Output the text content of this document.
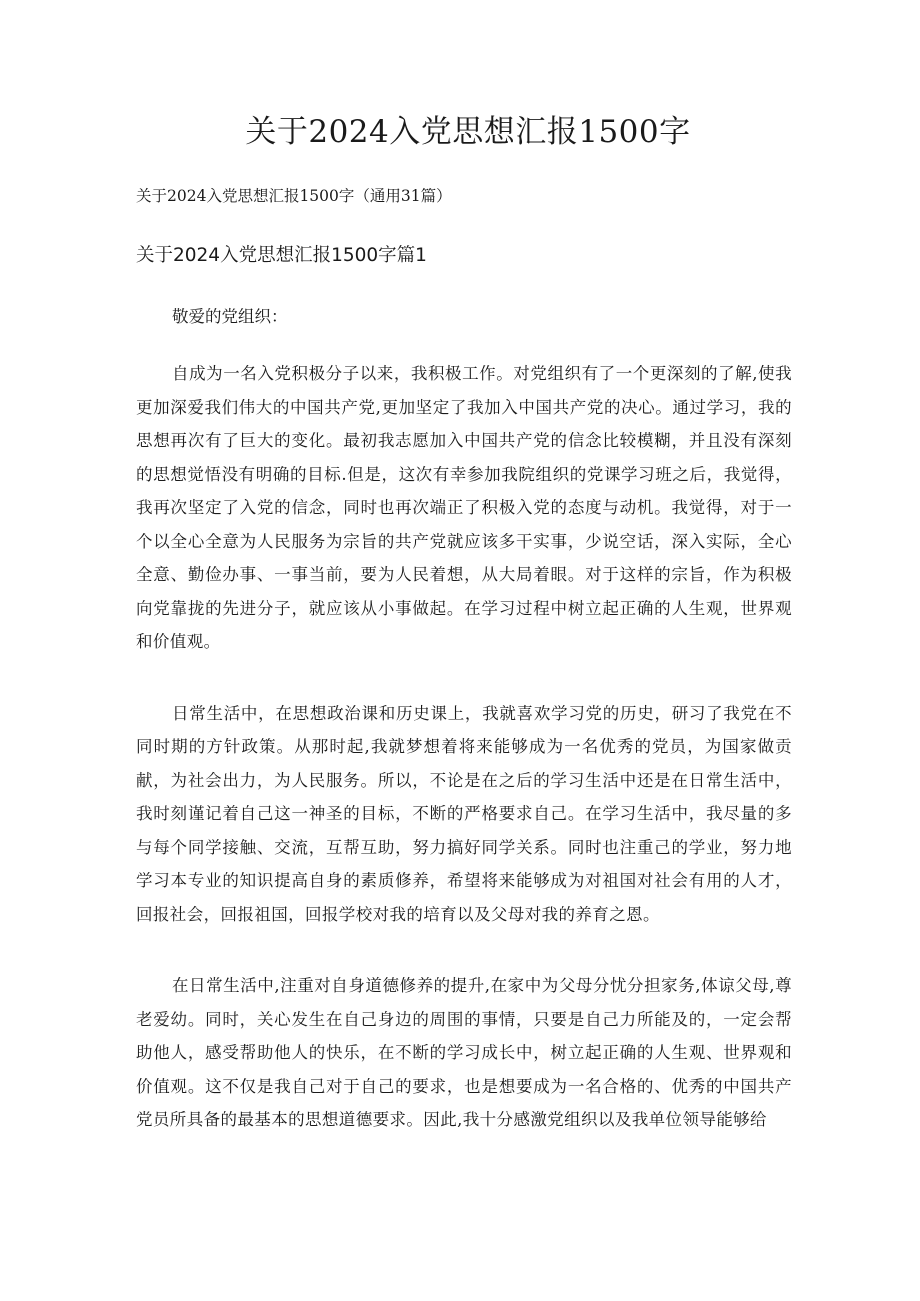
关于2024入党思想汇报1500字

关于2024入党思想汇报1500字（通用31篇）

关于2024入党思想汇报1500字篇1

敬爱的党组织：

自成为一名入党积极分子以来，我积极工作。对党组织有了一个更深刻的了解,使我更加深爱我们伟大的中国共产党,更加坚定了我加入中国共产党的决心。通过学习，我的思想再次有了巨大的变化。最初我志愿加入中国共产党的信念比较模糊，并且没有深刻的思想觉悟没有明确的目标.但是，这次有幸参加我院组织的党课学习班之后，我觉得，我再次坚定了入党的信念，同时也再次端正了积极入党的态度与动机。我觉得，对于一个以全心全意为人民服务为宗旨的共产党就应该多干实事，少说空话，深入实际，全心全意、勤俭办事、一事当前，要为人民着想，从大局着眼。对于这样的宗旨，作为积极向党靠拢的先进分子，就应该从小事做起。在学习过程中树立起正确的人生观，世界观和价值观。

日常生活中，在思想政治课和历史课上，我就喜欢学习党的历史，研习了我党在不同时期的方针政策。从那时起,我就梦想着将来能够成为一名优秀的党员，为国家做贡献，为社会出力，为人民服务。所以，不论是在之后的学习生活中还是在日常生活中，我时刻谨记着自己这一神圣的目标，不断的严格要求自己。在学习生活中，我尽量的多与每个同学接触、交流，互帮互助，努力搞好同学关系。同时也注重己的学业，努力地学习本专业的知识提高自身的素质修养，希望将来能够成为对祖国对社会有用的人才，回报社会，回报祖国，回报学校对我的培育以及父母对我的养育之恩。

在日常生活中,注重对自身道德修养的提升,在家中为父母分忧分担家务,体谅父母,尊老爱幼。同时，关心发生在自己身边的周围的事情，只要是自己力所能及的，一定会帮助他人，感受帮助他人的快乐，在不断的学习成长中，树立起正确的人生观、世界观和价值观。这不仅是我自己对于自己的要求，也是想要成为一名合格的、优秀的中国共产党员所具备的最基本的思想道德要求。因此,我十分感激党组织以及我单位领导能够给
